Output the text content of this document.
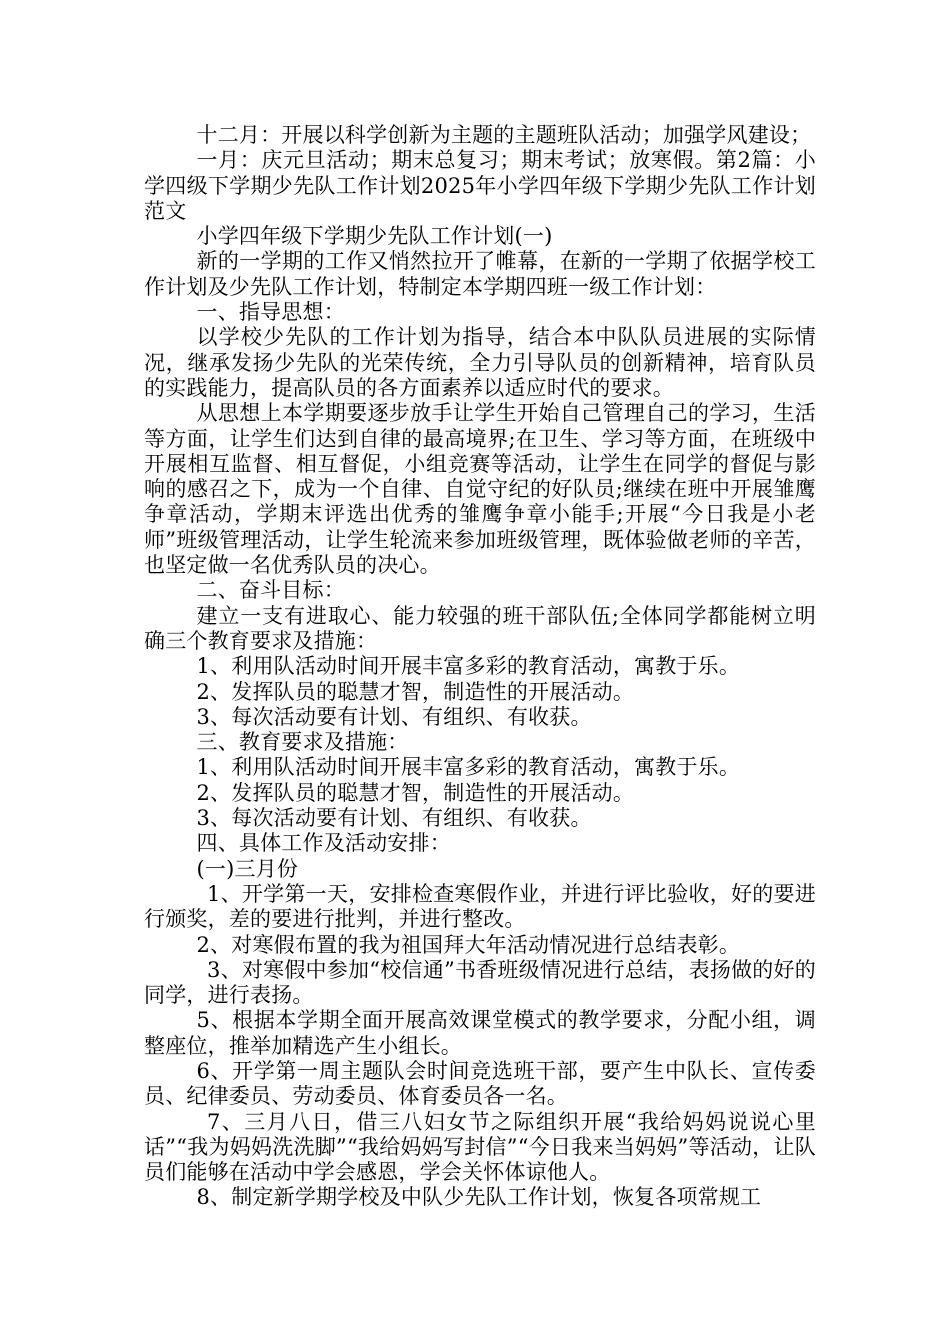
十二月：开展以科学创新为主题的主题班队活动；加强学风建设；

一月：庆元旦活动；期末总复习；期末考试；放寒假。第2篇：小学四级下学期少先队工作计划2025年小学四年级下学期少先队工作计划范文

小学四年级下学期少先队工作计划(一)

新的一学期的工作又悄然拉开了帷幕，在新的一学期了依据学校工作计划及少先队工作计划，特制定本学期四班一级工作计划：

一、指导思想：

以学校少先队的工作计划为指导，结合本中队队员进展的实际情况，继承发扬少先队的光荣传统，全力引导队员的创新精神，培育队员的实践能力，提高队员的各方面素养以适应时代的要求。

从思想上本学期要逐步放手让学生开始自己管理自己的学习，生活等方面，让学生们达到自律的最高境界;在卫生、学习等方面，在班级中开展相互监督、相互督促，小组竞赛等活动，让学生在同学的督促与影响的感召之下，成为一个自律、自觉守纪的好队员;继续在班中开展雏鹰争章活动，学期末评选出优秀的雏鹰争章小能手;开展“今日我是小老师”班级管理活动，让学生轮流来参加班级管理，既体验做老师的辛苦，也坚定做一名优秀队员的决心。

二、奋斗目标：

建立一支有进取心、能力较强的班干部队伍;全体同学都能树立明确三个教育要求及措施：

1、利用队活动时间开展丰富多彩的教育活动，寓教于乐。

2、发挥队员的聪慧才智，制造性的开展活动。

3、每次活动要有计划、有组织、有收获。

三、教育要求及措施：

1、利用队活动时间开展丰富多彩的教育活动，寓教于乐。

2、发挥队员的聪慧才智，制造性的开展活动。

3、每次活动要有计划、有组织、有收获。

四、具体工作及活动安排：

(一)三月份

1、开学第一天，安排检查寒假作业，并进行评比验收，好的要进行颁奖，差的要进行批判，并进行整改。

2、对寒假布置的我为祖国拜大年活动情况进行总结表彰。

3、对寒假中参加“校信通”书香班级情况进行总结，表扬做的好的同学，进行表扬。

5、根据本学期全面开展高效课堂模式的教学要求，分配小组，调整座位，推举加精选产生小组长。

6、开学第一周主题队会时间竞选班干部，要产生中队长、宣传委员、纪律委员、劳动委员、体育委员各一名。

7、三月八日，借三八妇女节之际组织开展“我给妈妈说说心里话”“我为妈妈洗洗脚”“我给妈妈写封信”“今日我来当妈妈”等活动，让队员们能够在活动中学会感恩，学会关怀体谅他人。

8、制定新学期学校及中队少先队工作计划，恢复各项常规工
